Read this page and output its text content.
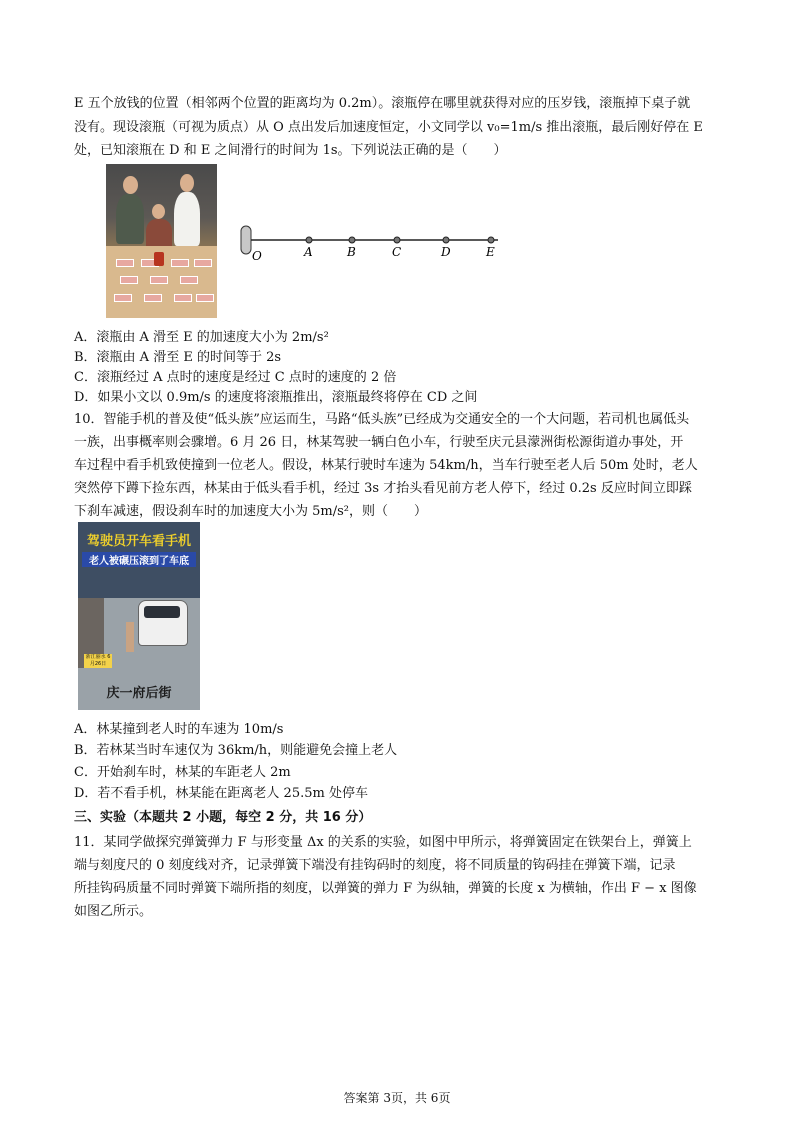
E 五个放钱的位置（相邻两个位置的距离均为 0.2m）。滚瓶停在哪里就获得对应的压岁钱，滚瓶掉下桌子就
没有。现设滚瓶（可视为质点）从 O 点出发后加速度恒定，小文同学以 v₀=1m/s 推出滚瓶，最后刚好停在 E
处，已知滚瓶在 D 和 E 之间滑行的时间为 1s。下列说法正确的是（　　）
O	A	B	C	D	E
A．滚瓶由 A 滑至 E 的加速度大小为 2m/s²
B．滚瓶由 A 滑至 E 的时间等于 2s
C．滚瓶经过 A 点时的速度是经过 C 点时的速度的 2 倍
D．如果小文以 0.9m/s 的速度将滚瓶推出，滚瓶最终将停在 CD 之间
10．智能手机的普及使“低头族”应运而生，马路“低头族”已经成为交通安全的一个大问题，若司机也属低头
一族，出事概率则会骤增。6 月 26 日，林某驾驶一辆白色小车，行驶至庆元县濛洲街松源街道办事处，开
车过程中看手机致使撞到一位老人。假设，林某行驶时车速为 54km/h，当车行驶至老人后 50m 处时，老人
突然停下蹲下捡东西，林某由于低头看手机，经过 3s 才抬头看见前方老人停下，经过 0.2s 反应时间立即踩
下刹车减速，假设刹车时的加速度大小为 5m/s²，则（　　）
驾驶员开车看手机
老人被碾压滚到了车底
浙江丽水 6月26日
庆一府后街
A．林某撞到老人时的车速为 10m/s
B．若林某当时车速仅为 36km/h，则能避免会撞上老人
C．开始刹车时，林某的车距老人 2m
D．若不看手机，林某能在距离老人 25.5m 处停车
三、实验（本题共 2 小题，每空 2 分，共 16 分）
11．某同学做探究弹簧弹力 F 与形变量 Δx 的关系的实验，如图中甲所示，将弹簧固定在铁架台上，弹簧上
端与刻度尺的 0 刻度线对齐，记录弹簧下端没有挂钩码时的刻度，将不同质量的钩码挂在弹簧下端，记录
所挂钩码质量不同时弹簧下端所指的刻度，以弹簧的弹力 F 为纵轴，弹簧的长度 x 为横轴，作出 F − x 图像
如图乙所示。
答案第 3页，共 6页
